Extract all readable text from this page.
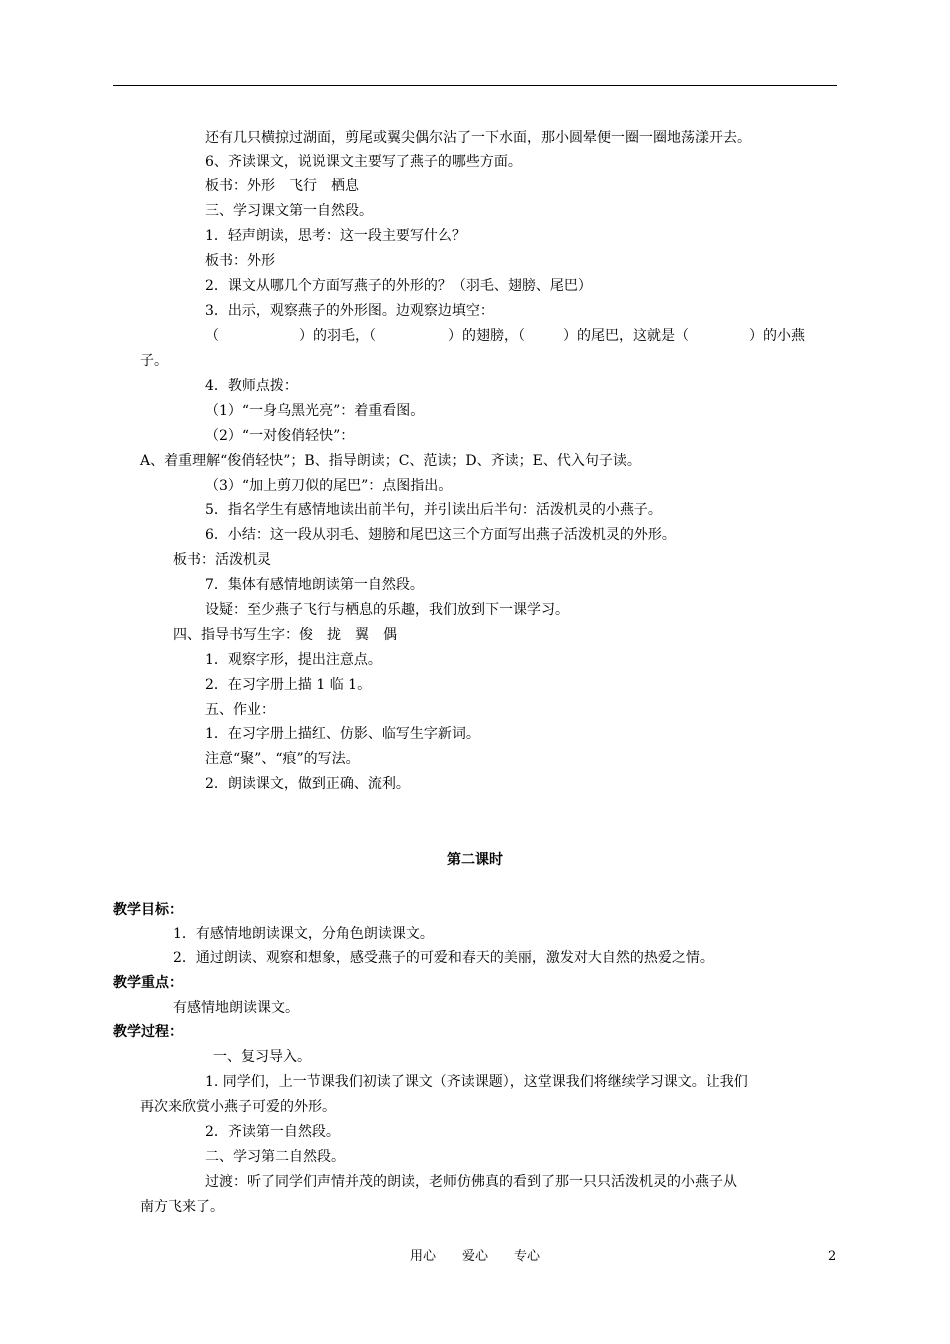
还有几只横掠过湖面，剪尾或翼尖偶尔沾了一下水面，那小圆晕便一圈一圈地荡漾开去。
6、齐读课文，说说课文主要写了燕子的哪些方面。
板书：外形　飞行　栖息
三、学习课文第一自然段。
1．轻声朗读，思考：这一段主要写什么？
板书：外形
2．课文从哪几个方面写燕子的外形的？（羽毛、翅膀、尾巴）
3．出示，观察燕子的外形图。边观察边填空：
（	）的羽毛，（	）的翅膀，（	）的尾巴，这就是（	）的小燕
子。
4．教师点拨：
（1）“一身乌黑光亮”：着重看图。
（2）“一对俊俏轻快”：
A、着重理解“俊俏轻快”；B、指导朗读；C、范读；D、齐读；E、代入句子读。
（3）“加上剪刀似的尾巴”：点图指出。
5．指名学生有感情地读出前半句，并引读出后半句：活泼机灵的小燕子。
6．小结：这一段从羽毛、翅膀和尾巴这三个方面写出燕子活泼机灵的外形。
板书：活泼机灵
7．集体有感情地朗读第一自然段。
设疑：至少燕子飞行与栖息的乐趣，我们放到下一课学习。
四、指导书写生字：俊　拢　翼　偶
1．观察字形，提出注意点。
2．在习字册上描 1 临 1。
五、作业：
1．在习字册上描红、仿影、临写生字新词。
注意“聚”、“痕”的写法。
2．朗读课文，做到正确、流利。
第二课时
教学目标：
1．有感情地朗读课文，分角色朗读课文。
2．通过朗读、观察和想象，感受燕子的可爱和春天的美丽，激发对大自然的热爱之情。
教学重点：
有感情地朗读课文。
教学过程：
一、复习导入。
1. 同学们，上一节课我们初读了课文（齐读课题），这堂课我们将继续学习课文。让我们
再次来欣赏小燕子可爱的外形。
2．齐读第一自然段。
二、学习第二自然段。
过渡：听了同学们声情并茂的朗读，老师仿佛真的看到了那一只只活泼机灵的小燕子从
南方飞来了。
用心　　爱心　　专心	2
